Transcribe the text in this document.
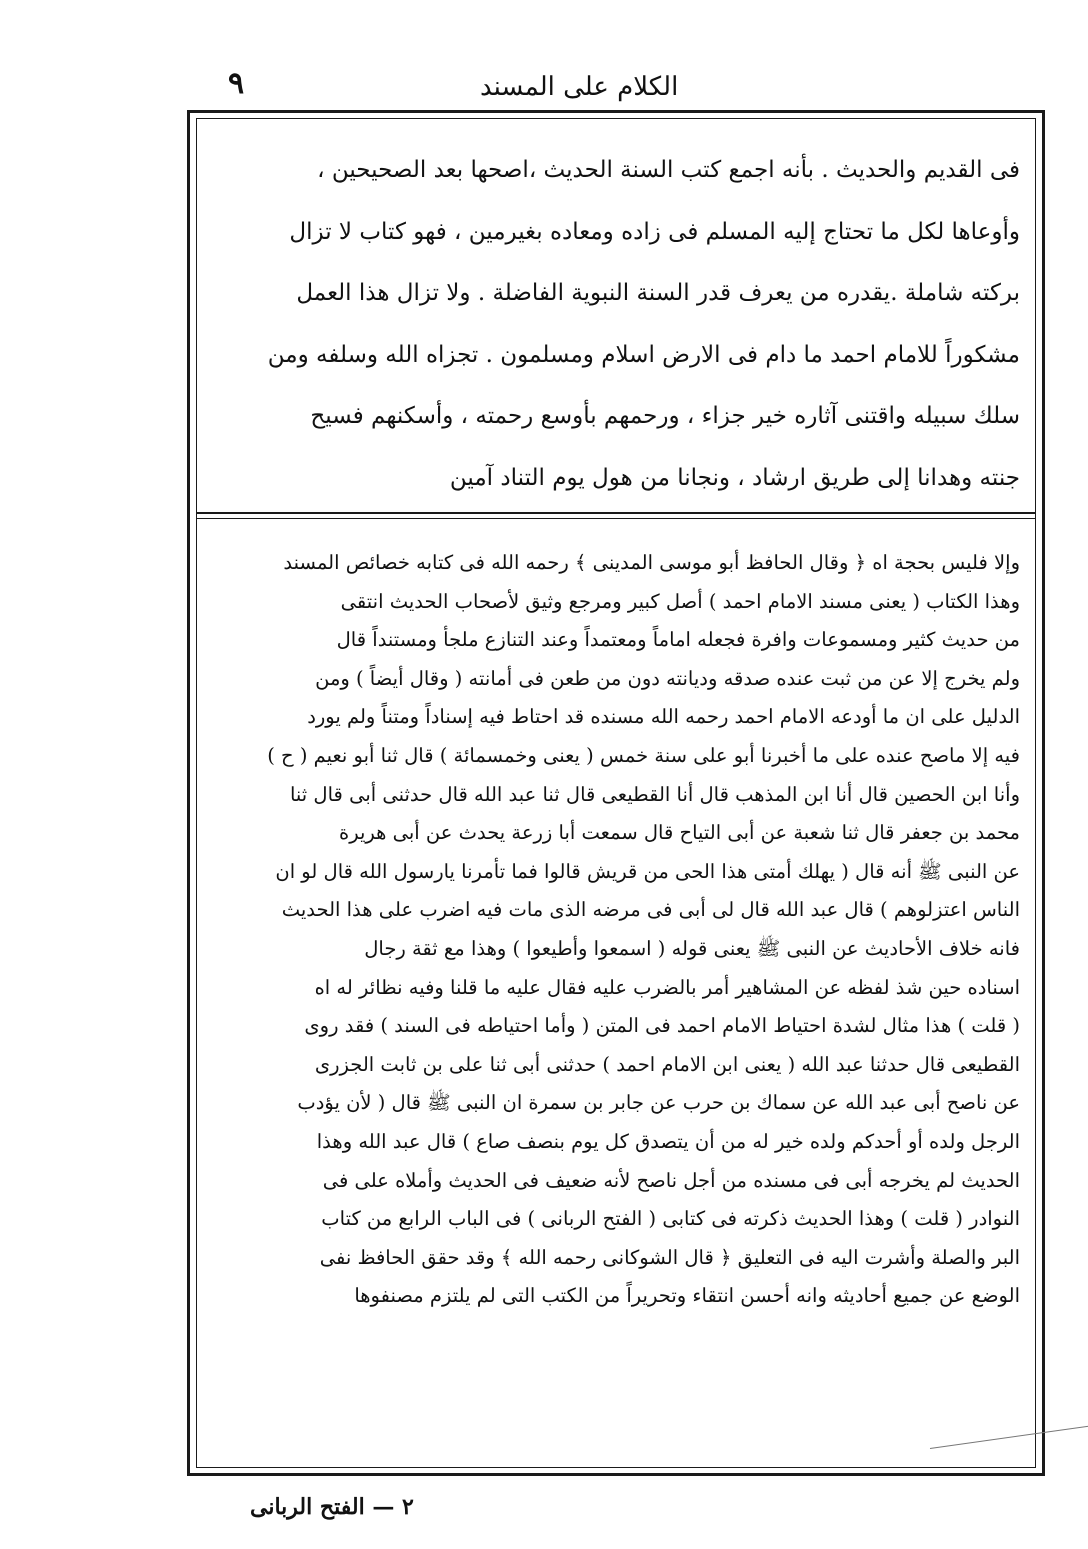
٩	الكلام على المسند

فى القديم والحديث . بأنه اجمع كتب السنة الحديث ،اصحها بعد الصحيحين ،

وأوعاها لكل ما تحتاج إليه المسلم فى زاده ومعاده بغيرمين ، فهو كتاب لا تزال

بركته شاملة .يقدره من يعرف قدر السنة النبوية الفاضلة . ولا تزال هذا العمل

مشكوراً للامام احمد ما دام فى الارض اسلام ومسلمون . تجزاه الله وسلفه ومن

سلك سبيله واقتنى آثاره خير جزاء ، ورحمهم بأوسع رحمته ، وأسكنهم فسيح

جنته وهدانا إلى طريق ارشاد ، ونجانا من هول يوم التناد آمين

وإلا فليس بحجة اه ﴿ وقال الحافظ أبو موسى المدينى ﴾ رحمه الله فى كتابه خصائص المسند

وهذا الكتاب ( يعنى مسند الامام احمد ) أصل كبير ومرجع وثيق لأصحاب الحديث انتقى

من حديث كثير ومسموعات وافرة فجعله اماماً ومعتمداً وعند التنازع ملجأ ومستنداً قال

ولم يخرج إلا عن من ثبت عنده صدقه وديانته دون من طعن فى أمانته ( وقال أيضاً ) ومن

الدليل على ان ما أودعه الامام احمد رحمه الله مسنده قد احتاط فيه إسناداً ومتناً ولم يورد

فيه إلا ماصح عنده على ما أخبرنا أبو على سنة خمس ( يعنى وخمسمائة ) قال ثنا أبو نعيم ( ح )

وأنا ابن الحصين قال أنا ابن المذهب قال أنا القطيعى قال ثنا عبد الله قال حدثنى أبى قال ثنا

محمد بن جعفر قال ثنا شعبة عن أبى التياح قال سمعت أبا زرعة يحدث عن أبى هريرة

عن النبى ﷺ أنه قال ( يهلك أمتى هذا الحى من قريش قالوا فما تأمرنا يارسول الله قال لو ان

الناس اعتزلوهم ) قال عبد الله قال لى أبى فى مرضه الذى مات فيه اضرب على هذا الحديث

فانه خلاف الأحاديث عن النبى ﷺ يعنى قوله ( اسمعوا وأطيعوا ) وهذا مع ثقة رجال

اسناده حين شذ لفظه عن المشاهير أمر بالضرب عليه فقال عليه ما قلنا وفيه نظائر له اه

( قلت ) هذا مثال لشدة احتياط الامام احمد فى المتن ( وأما احتياطه فى السند ) فقد روى

القطيعى قال حدثنا عبد الله ( يعنى ابن الامام احمد ) حدثنى أبى ثنا على بن ثابت الجزرى

عن ناصح أبى عبد الله عن سماك بن حرب عن جابر بن سمرة ان النبى ﷺ قال ( لأن يؤدب

الرجل ولده أو أحدكم ولده خير له من أن يتصدق كل يوم بنصف صاع ) قال عبد الله وهذا

الحديث لم يخرجه أبى فى مسنده من أجل ناصح لأنه ضعيف فى الحديث وأملاه على فى

النوادر ( قلت ) وهذا الحديث ذكرته فى كتابى ( الفتح الربانى ) فى الباب الرابع من كتاب

البر والصلة وأشرت اليه فى التعليق ﴿ قال الشوكانى رحمه الله ﴾ وقد حقق الحافظ نفى

الوضع عن جميع أحاديثه وانه أحسن انتقاء وتحريراً من الكتب التى لم يلتزم مصنفوها

٢ — الفتح الربانى
